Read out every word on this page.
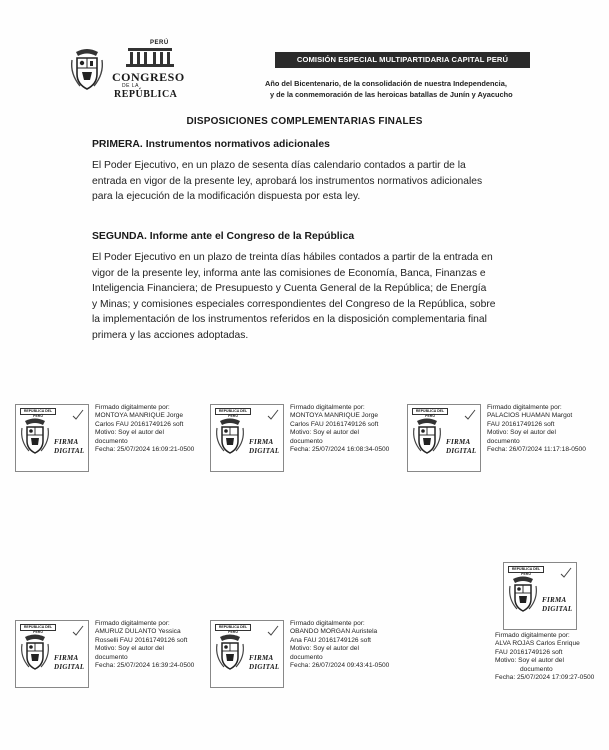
PERÚ
CONGRESO
DE LA
REPÚBLICA
COMISIÓN ESPECIAL MULTIPARTIDARIA CAPITAL PERÚ
Año del Bicentenario, de la consolidación de nuestra Independencia,
y de la conmemoración de las heroicas batallas de Junín y Ayacucho
DISPOSICIONES COMPLEMENTARIAS FINALES
PRIMERA. Instrumentos normativos adicionales
El Poder Ejecutivo, en un plazo de sesenta días calendario contados a partir de la
entrada en vigor de la presente ley, aprobará los instrumentos normativos adicionales
para la ejecución de la modificación dispuesta por esta ley.
SEGUNDA. Informe ante el Congreso de la República
El Poder Ejecutivo en un plazo de treinta días hábiles contados a partir de la entrada en
vigor de la presente ley, informa ante las comisiones de Economía, Banca, Finanzas e
Inteligencia Financiera; de Presupuesto y Cuenta General de la República; de Energía
y Minas; y comisiones especiales correspondientes del Congreso de la República, sobre
la implementación de los instrumentos referidos en la disposición complementaria final
primera y las acciones adoptadas.
REPÚBLICA DEL PERÚ
FIRMA
DIGITAL
Firmado digitalmente por:
MONTOYA MANRIQUE Jorge
Carlos FAU 20161749126 soft
Motivo: Soy el autor del
documento
Fecha: 25/07/2024 16:09:21-0500
REPÚBLICA DEL PERÚ
FIRMA
DIGITAL
Firmado digitalmente por:
MONTOYA MANRIQUE Jorge
Carlos FAU 20161749126 soft
Motivo: Soy el autor del
documento
Fecha: 25/07/2024 16:08:34-0500
REPÚBLICA DEL PERÚ
FIRMA
DIGITAL
Firmado digitalmente por:
PALACIOS HUAMAN Margot
FAU 20161749126 soft
Motivo: Soy el autor del
documento
Fecha: 26/07/2024 11:17:18-0500
REPÚBLICA DEL PERÚ
FIRMA
DIGITAL
Firmado digitalmente por:
AMURUZ DULANTO Yessica
Rosselli FAU 20161749126 soft
Motivo: Soy el autor del
documento
Fecha: 25/07/2024 16:39:24-0500
REPÚBLICA DEL PERÚ
FIRMA
DIGITAL
Firmado digitalmente por:
OBANDO MORGAN Auristela
Ana FAU 20161749126 soft
Motivo: Soy el autor del
documento
Fecha: 26/07/2024 09:43:41-0500
REPÚBLICA DEL PERÚ
FIRMA
DIGITAL
Firmado digitalmente por:
ALVA ROJAS Carlos Enrique
FAU 20161749126 soft
Motivo: Soy el autor del
documento
Fecha: 25/07/2024 17:09:27-0500
